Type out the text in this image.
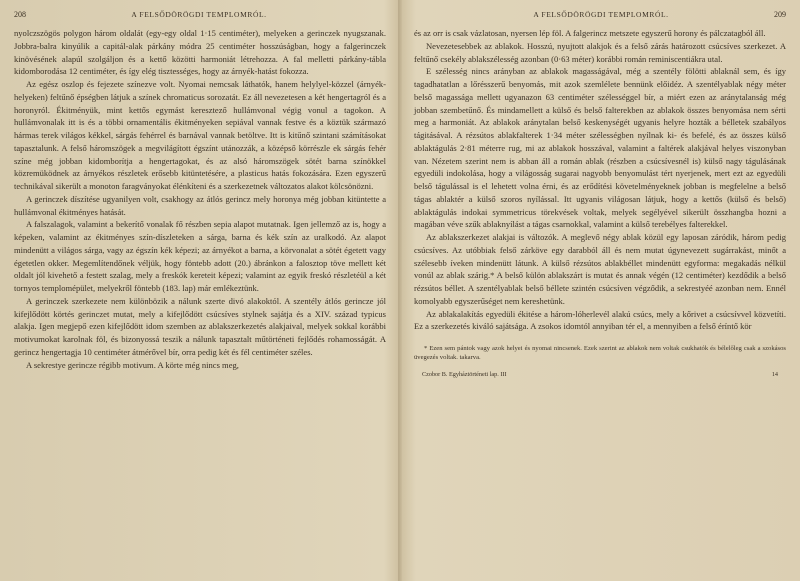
208	A FELSŐDÖRÖGDI TEMPLOMRÓL.

nyolczszögös polygon három oldalát (egy-egy oldal 1·15 centiméter), melyeken a gerinczek nyugszanak. Jobbra-balra kinyúlik a capitál-alak párkány módra 25 centiméter hosszúságban, hogy a falgerinczek kinövésének alapúl szolgáljon és a kettő közötti harmoniát létrehozza. A fal melletti párkány-tábla kidomborodása 12 centiméter, és így elég tisztességes, hogy az árnyék-hatást fokozza.

Az egész oszlop és fejezete színezve volt. Nyomai nemcsak láthatók, hanem helylyel-közzel (árnyék-helyeken) feltűnő épségben látjuk a színek chromaticus sorozatát. Ez áll nevezetesen a két hengertagról és a horonyról. Ékitményük, mint kettős egymást keresztező hullámvonal végig vonul a tagokon. A hullámvonalak itt is és a többi ornamentális ékitményeken sepiával vannak festve és a köztük származó hármas terek világos kékkel, sárgás fehérrel és barnával vannak betöltve. Itt is kitűnő szintani számításokat tapasztalunk. A felső háromszögek a megvilágított égszínt utánozzák, a középső körrészle ek sárgás fehér színe még jobban kidomborítja a hengertagokat, és az alsó háromszögek sötét barna színökkel közremüködnek az árnyékos részletek erősebb kitüntetésére, a plasticus hatás fokozására. Ezen egyszerű technikával sikerült a monoton faragványokat élénkíteni és a szerkezetnek változatos alakot kölcsönözni.

A gerinczek díszítése ugyanilyen volt, csakhogy az átlós gerincz mely horonya még jobban kitüntette a hullámvonal ékitményes hatását.

A falszalagok, valamint a bekerítő vonalak fő részben sepia alapot mutatnak. Igen jellemző az is, hogy a képeken, valamint az ékitményes szín-díszleteken a sárga, barna és kék szín az uralkodó. Az alapot mindenütt a világos sárga, vagy az égszín kék képezi; az árnyékot a barna, a körvonalat a sötét égetett vagy égetetlen okker. Megemlítendőnek véljük, hogy föntebb adott (20.) ábránkon a falosztop töve mellett két oldalt jól kivehető a festett szalag, mely a freskók kereteit képezi; valamint az egyik freskó részletéül a két tornyos templomépület, melyekről föntebb (183. lap) már emlékeztünk.

A gerinczek szerkezete nem különbözik a nálunk szerte divó alakoktól. A szentély átlós gerincze jól kifejlődött körtés gerinczet mutat, mely a kifejlődött csúcsíves stylnek sajátja és a XIV. század typicus alakja. Igen megjepő ezen kifejlődött idom szemben az ablakszerkezetés alakjaival, melyek sokkal korábbi motivumokat karolnak föl, és bizonyossá teszik a nálunk tapasztalt műtörténeti fejlődés rohamosságát. A gerincz hengertagja 10 centiméter átmérővel bír, orra pedig két és fél centiméter széles.

A sekrestye gerincze régibb motivum. A körte még nincs meg,

A FELSŐDÖRÖGDI TEMPLOMRÓL.	209

és az orr is csak vázlatosan, nyersen lép föl. A falgerincz metszete egyszerű horony és pálczatagból áll.

Nevezetesebbek az ablakok. Hosszú, nyujtott alakjok és a felső zárás határozott csúcsíves szerkezet. A feltűnő csekély ablakszélesség azonban (0·63 méter) korábbi román reminiscentiákra utal.

E szélesség nincs arányban az ablakok magasságával, még a szentély fölötti ablaknál sem, és így tagadhatatlan a lőrésszerű benyomás, mit azok szemlélete bennünk előidéz. A szentélyablak négy méter belső magassága mellett ugyanazon 63 centiméter szélességgel bír, a miért ezen az aránytalanság még jobban szembetűnő. És mindamellett a külső és belső falterekben az ablakok összes benyomása nem sérti meg a harmoniát. Az ablakok aránytalan belső keskenységét ugyanis helyre hozták a bélletek szabályos tágitásával. A rézsútos ablakfalterek 1·34 méter szélességben nyílnak ki- és befelé, és az összes külső ablaktágulás 2·81 méterre rug, mi az ablakok hosszával, valamint a faltérek alakjával helyes viszonyban van. Nézetem szerint nem is abban áll a román ablak (részben a csúcsívesnél is) külső nagy tágulásának egyedüli indokolása, hogy a világosság sugarai nagyobb benyomulást tért nyerjenek, mert ezt az egyedüli belső tágulással is el lehetett volna érni, és az erődítési követelményeknek jobban is megfelelne a belső tágas ablaktér a külső szoros nyílással. Itt ugyanis világosan látjuk, hogy a kettős (külső és belső) ablaktágulás indokai symmetricus törekvések voltak, melyek segélyével sikerült összhangba hozni a magában véve szűk ablaknyílást a tágas csarnokkal, valamint a külső terebélyes falterekkel.

Az ablakszerkezet alakjai is változók. A meglevő négy ablak közül egy laposan záródik, három pedig csúcsíves. Az utóbbiak felső zárköve egy darabból áll és nem mutat úgynevezett sugárrakást, minőt a szélesebb íveken mindenütt látunk. A külső rézsútos ablakbéllet mindenütt egyforma: megakadás nélkül vonúl az ablak szárig.* A belső külön ablakszárt is mutat és annak végén (12 centiméter) kezdődik a belső rézsútos béllet. A szentélyablak belső béllete szintén csúcsíven végződik, a sekrestyéé azonban nem. Ennél komolyabb egyszerűséget nem kereshetünk.

Az ablakalakítás egyedüli ékitése a három-lóherlevél alakú csúcs, mely a kőrivet a csúcsívvel közvetíti. Ez a szerkezetés kiváló sajátsága. A zsokos idomtól annyiban tér el, a mennyiben a felső éríntő kör

* Ezen sem pántok vagy azok helyei és nyomai nincsenek. Ezek szerint az ablakok nem voltak csukhatók és bélelőleg csak a szokásos üvegezés voltak. takarva.
Czobor B. Egyháztörténeti lap. III	14
